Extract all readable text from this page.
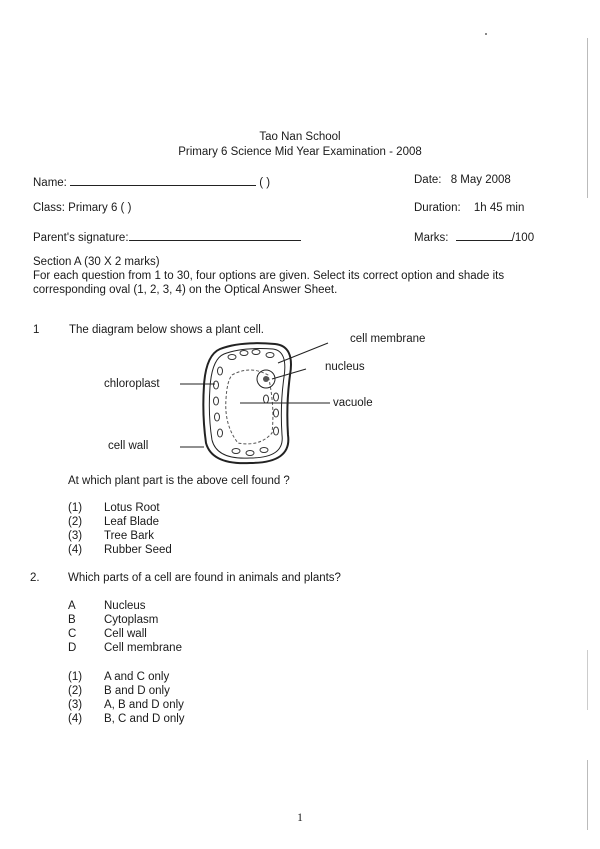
Tao Nan School
Primary 6 Science Mid Year Examination - 2008
Name:	( )	Date: 8 May 2008
Class: Primary 6 ( )	Duration: 1h 45 min
Parent's signature:	Marks:	/100
Section A (30 X 2 marks)
For each question from 1 to 30, four options are given. Select its correct option and shade its
corresponding oval (1, 2, 3, 4) on the Optical Answer Sheet.
1	The diagram below shows a plant cell.
cell membrane
nucleus
chloroplast
vacuole
cell wall
At which plant part is the above cell found ?
(1) Lotus Root
(2) Leaf Blade
(3) Tree Bark
(4) Rubber Seed
2. Which parts of a cell are found in animals and plants?
A Nucleus
B Cytoplasm
C Cell wall
D Cell membrane
(1) A and C only
(2) B and D only
(3) A, B and D only
(4) B, C and D only
1
